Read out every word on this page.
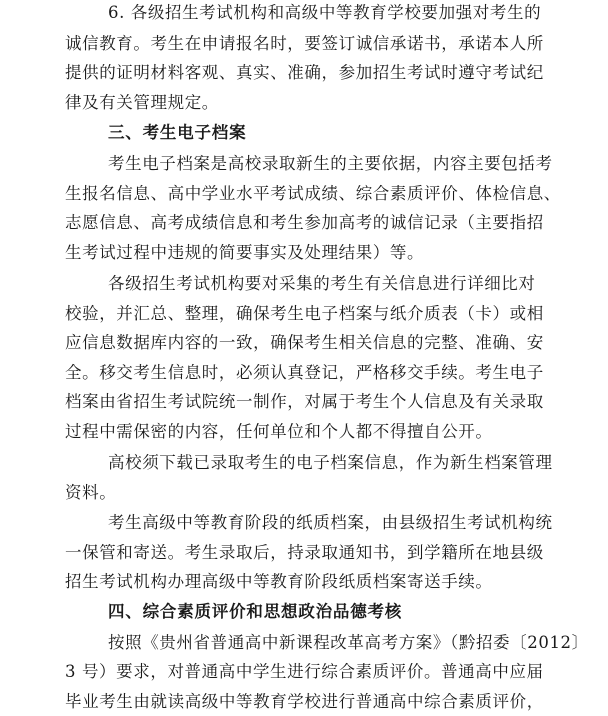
6. 各级招生考试机构和高级中等教育学校要加强对考生的
诚信教育。考生在申请报名时，要签订诚信承诺书，承诺本人所
提供的证明材料客观、真实、准确，参加招生考试时遵守考试纪
律及有关管理规定。
三、考生电子档案
考生电子档案是高校录取新生的主要依据，内容主要包括考
生报名信息、高中学业水平考试成绩、综合素质评价、体检信息、
志愿信息、高考成绩信息和考生参加高考的诚信记录（主要指招
生考试过程中违规的简要事实及处理结果）等。
各级招生考试机构要对采集的考生有关信息进行详细比对
校验，并汇总、整理，确保考生电子档案与纸介质表（卡）或相
应信息数据库内容的一致，确保考生相关信息的完整、准确、安
全。移交考生信息时，必须认真登记，严格移交手续。考生电子
档案由省招生考试院统一制作，对属于考生个人信息及有关录取
过程中需保密的内容，任何单位和个人都不得擅自公开。
高校须下载已录取考生的电子档案信息，作为新生档案管理
资料。
考生高级中等教育阶段的纸质档案，由县级招生考试机构统
一保管和寄送。考生录取后，持录取通知书，到学籍所在地县级
招生考试机构办理高级中等教育阶段纸质档案寄送手续。
四、综合素质评价和思想政治品德考核
按照《贵州省普通高中新课程改革高考方案》（黔招委〔2012〕
3 号）要求，对普通高中学生进行综合素质评价。普通高中应届
毕业考生由就读高级中等教育学校进行普通高中综合素质评价，
